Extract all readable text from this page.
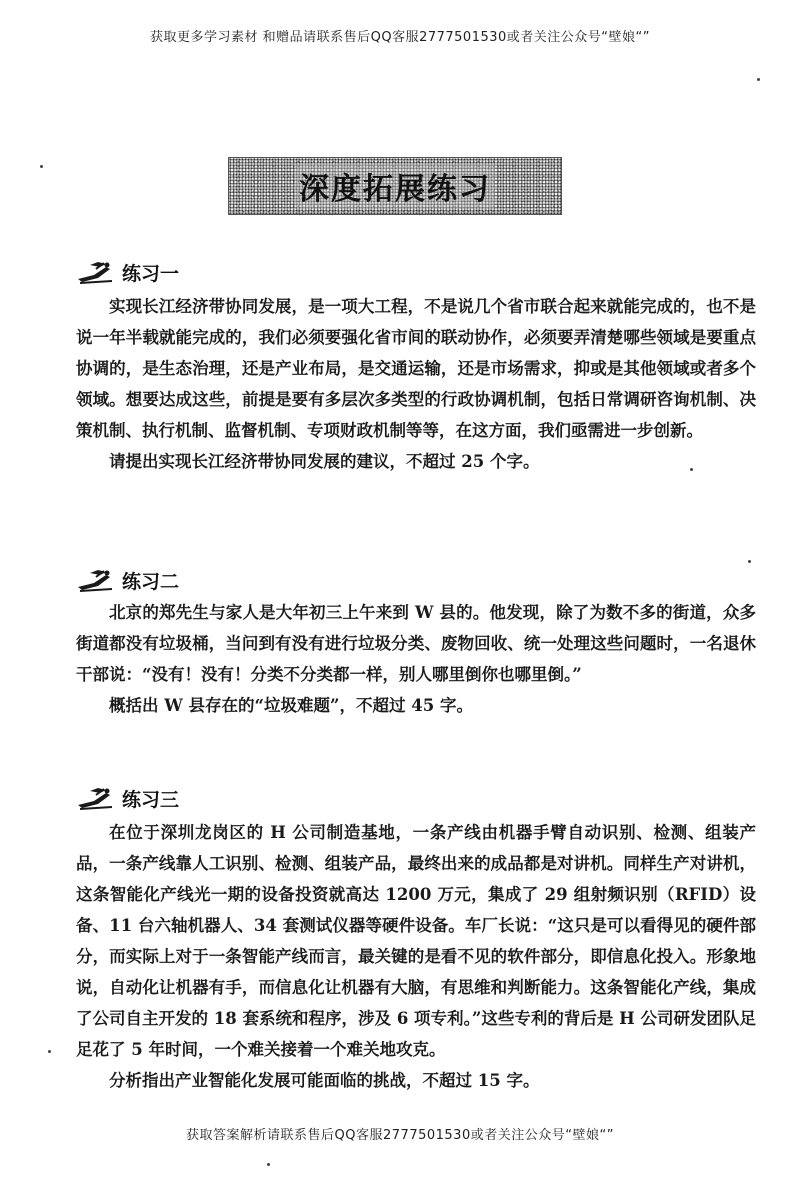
获取更多学习素材 和赠品请联系售后QQ客服2777501530或者关注公众号“壁娘“”
深度拓展练习
练习一

实现长江经济带协同发展，是一项大工程，不是说几个省市联合起来就能完成的，也不是说一年半载就能完成的，我们必须要强化省市间的联动协作，必须要弄清楚哪些领域是要重点协调的，是生态治理，还是产业布局，是交通运输，还是市场需求，抑或是其他领域或者多个领域。想要达成这些，前提是要有多层次多类型的行政协调机制，包括日常调研咨询机制、决策机制、执行机制、监督机制、专项财政机制等等，在这方面，我们亟需进一步创新。

请提出实现长江经济带协同发展的建议，不超过 25 个字。

练习二

北京的郑先生与家人是大年初三上午来到 W 县的。他发现，除了为数不多的街道，众多街道都没有垃圾桶，当问到有没有进行垃圾分类、废物回收、统一处理这些问题时，一名退休干部说：“没有！没有！分类不分类都一样，别人哪里倒你也哪里倒。”

概括出 W 县存在的“垃圾难题”，不超过 45 字。

练习三

在位于深圳龙岗区的 H 公司制造基地，一条产线由机器手臂自动识别、检测、组装产品，一条产线靠人工识别、检测、组装产品，最终出来的成品都是对讲机。同样生产对讲机，这条智能化产线光一期的设备投资就高达 1200 万元，集成了 29 组射频识别（RFID）设备、11 台六轴机器人、34 套测试仪器等硬件设备。车厂长说：“这只是可以看得见的硬件部分，而实际上对于一条智能产线而言，最关键的是看不见的软件部分，即信息化投入。形象地说，自动化让机器有手，而信息化让机器有大脑，有思维和判断能力。这条智能化产线，集成了公司自主开发的 18 套系统和程序，涉及 6 项专利。”这些专利的背后是 H 公司研发团队足足花了 5 年时间，一个难关接着一个难关地攻克。

分析指出产业智能化发展可能面临的挑战，不超过 15 字。

获取答案解析请联系售后QQ客服2777501530或者关注公众号“壁娘“”
